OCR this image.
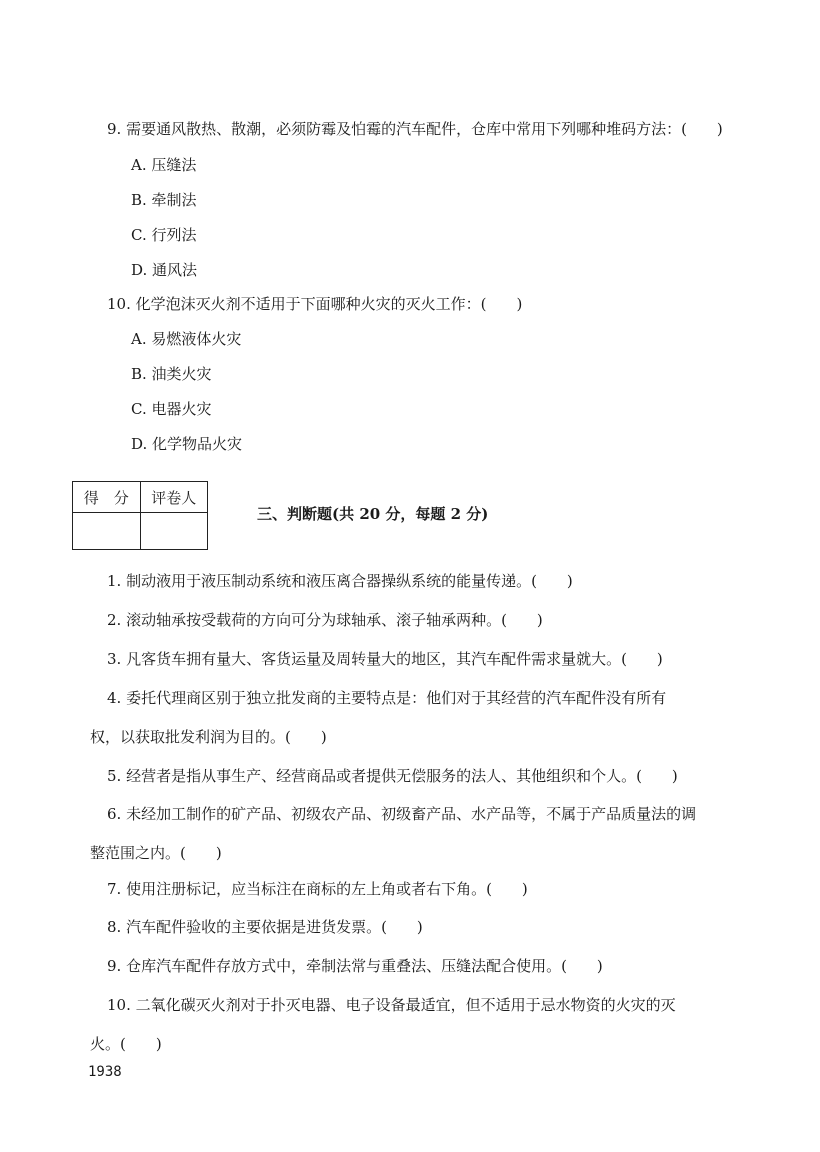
9. 需要通风散热、散潮，必须防霉及怕霉的汽车配件，仓库中常用下列哪种堆码方法：(　　)
A. 压缝法
B. 牵制法
C. 行列法
D. 通风法
10. 化学泡沫灭火剂不适用于下面哪种火灾的灭火工作：(　　)
A. 易燃液体火灾
B. 油类火灾
C. 电器火灾
D. 化学物品火灾
得　分	评卷人

三、判断题(共 20 分，每题 2 分)
1. 制动液用于液压制动系统和液压离合器操纵系统的能量传递。(　　)
2. 滚动轴承按受载荷的方向可分为球轴承、滚子轴承两种。(　　)
3. 凡客货车拥有量大、客货运量及周转量大的地区，其汽车配件需求量就大。(　　)
4. 委托代理商区别于独立批发商的主要特点是：他们对于其经营的汽车配件没有所有
权，以获取批发利润为目的。(　　)
5. 经营者是指从事生产、经营商品或者提供无偿服务的法人、其他组织和个人。(　　)
6. 未经加工制作的矿产品、初级农产品、初级畜产品、水产品等，不属于产品质量法的调
整范围之内。(　　)
7. 使用注册标记，应当标注在商标的左上角或者右下角。(　　)
8. 汽车配件验收的主要依据是进货发票。(　　)
9. 仓库汽车配件存放方式中，牵制法常与重叠法、压缝法配合使用。(　　)
10. 二氧化碳灭火剂对于扑灭电器、电子设备最适宜，但不适用于忌水物资的火灾的灭
火。(　　)
1938
